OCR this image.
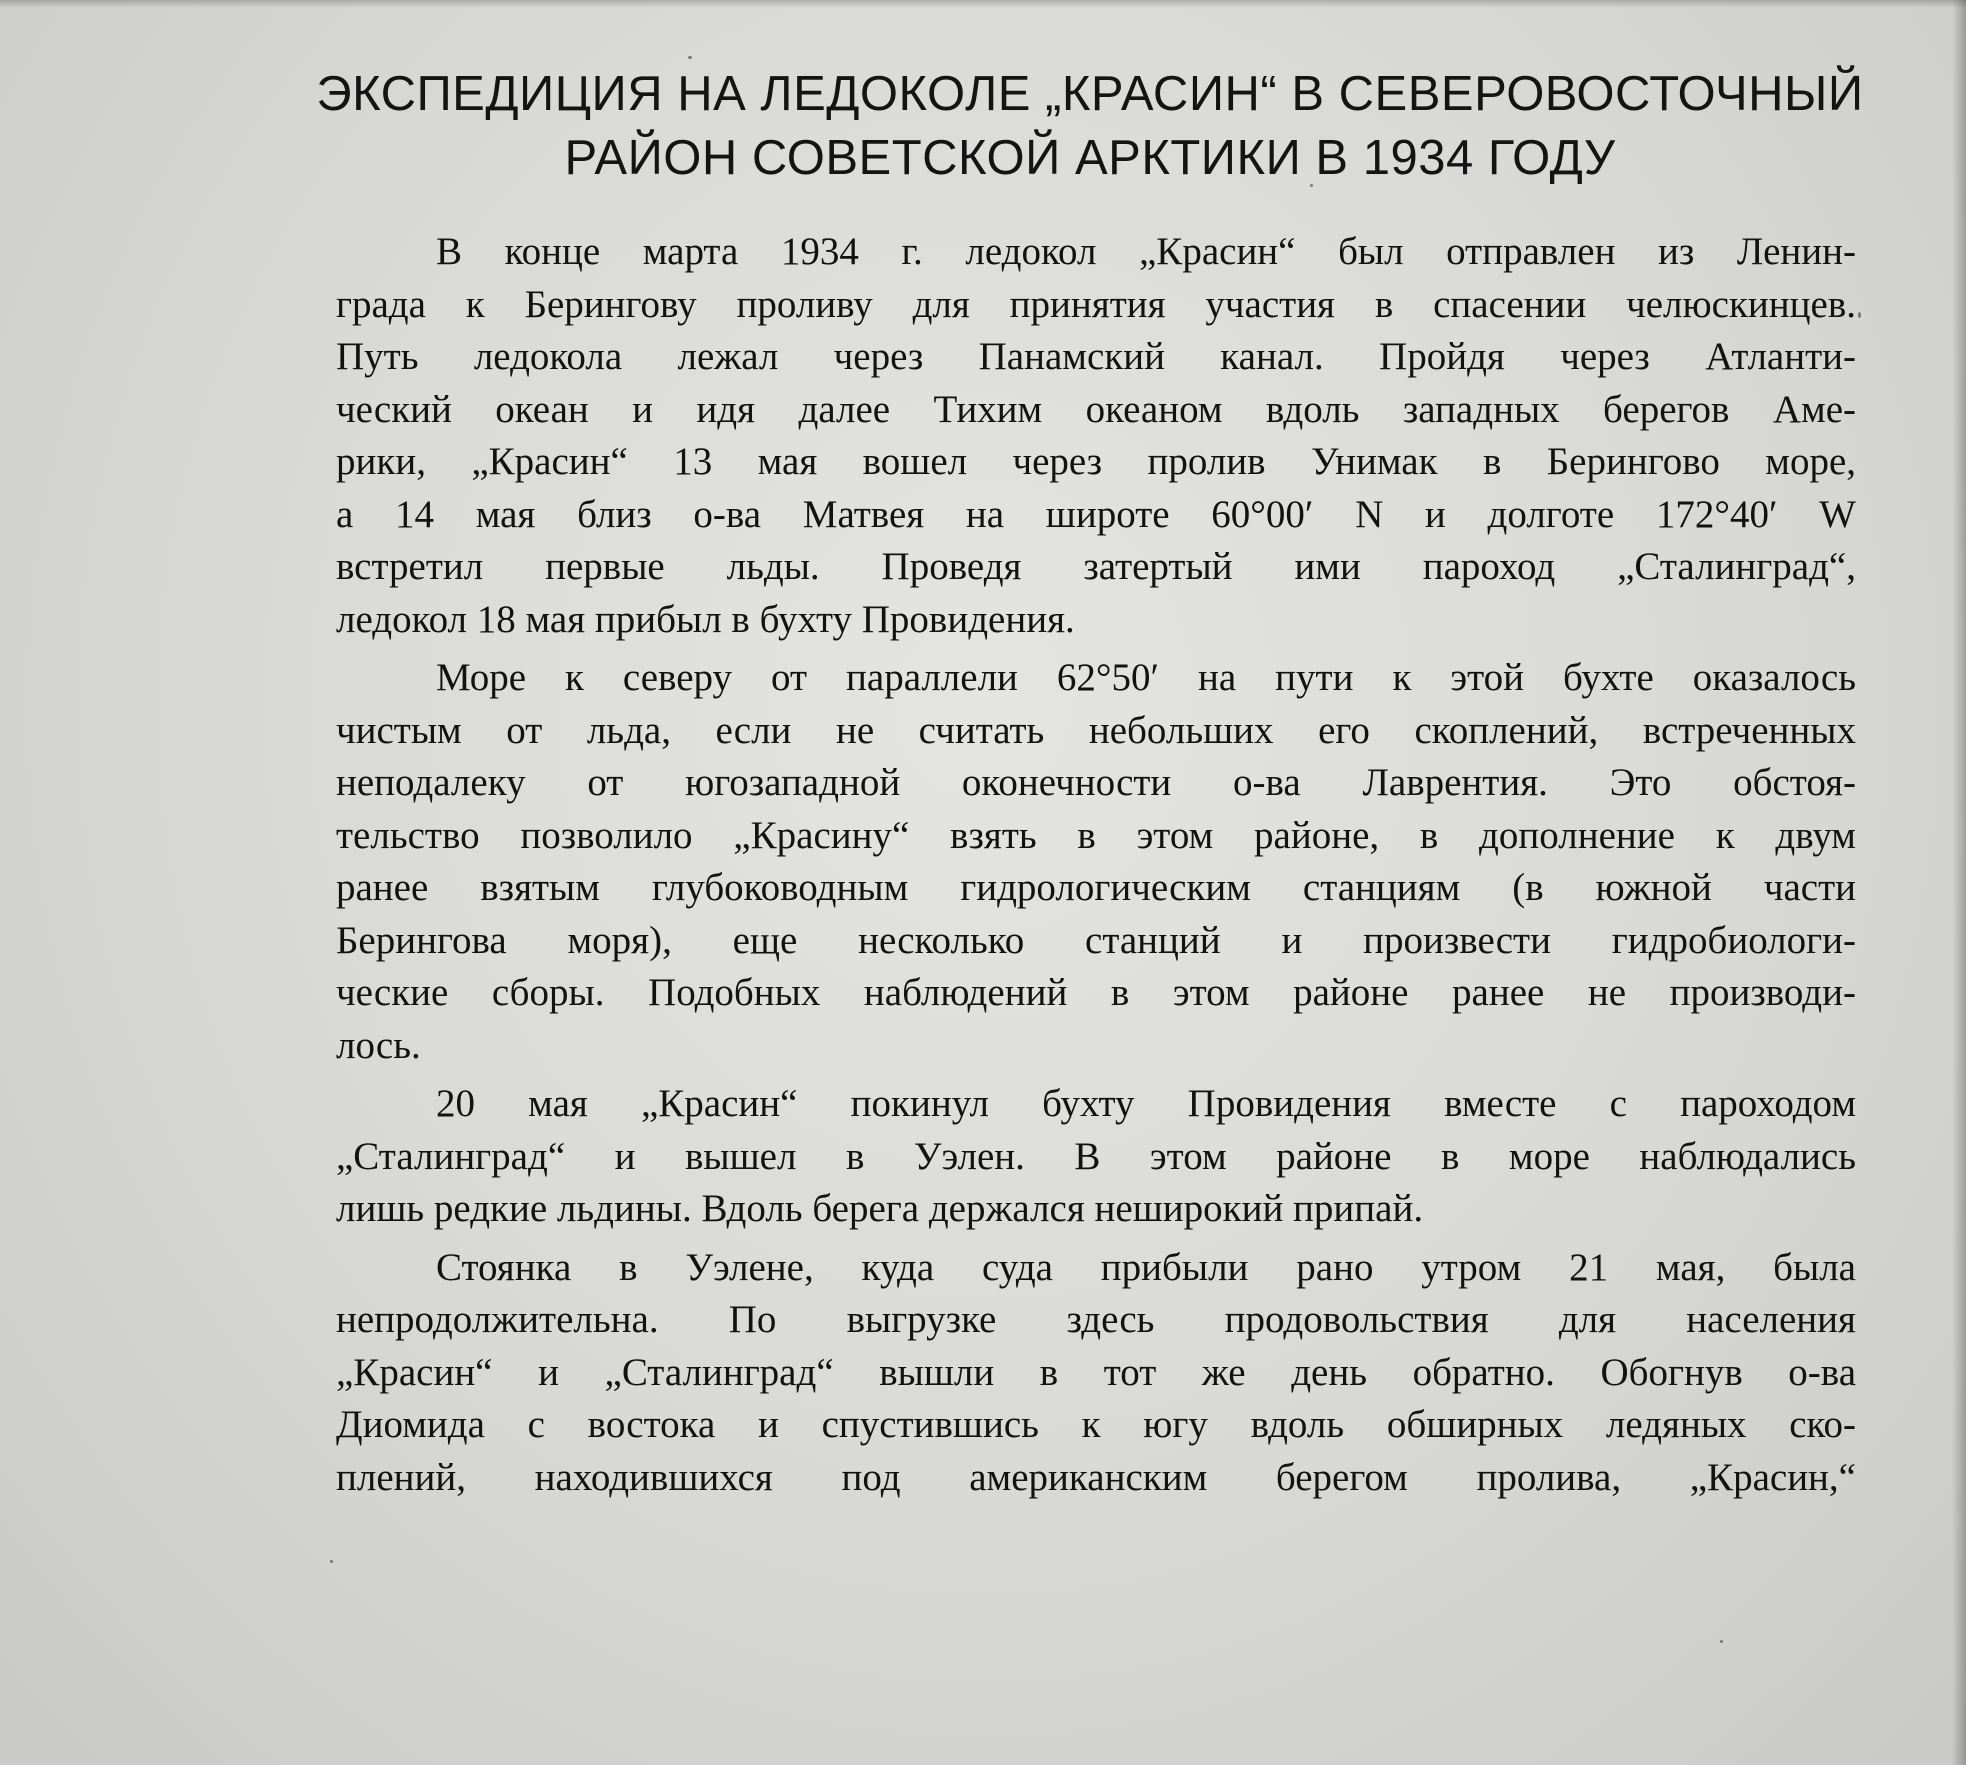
ЭКСПЕДИЦИЯ НА ЛЕДОКОЛЕ „КРАСИН“ В СЕВЕРОВОСТОЧНЫЙ
РАЙОН СОВЕТСКОЙ АРКТИКИ В 1934 ГОДУ
В конце марта 1934 г. ледокол „Красин“ был отправлен из Ленин-
града к Берингову проливу для принятия участия в спасении челюскинцев.
Путь ледокола лежал через Панамский канал. Пройдя через Атланти-
ческий океан и идя далее Тихим океаном вдоль западных берегов Аме-
рики, „Красин“ 13 мая вошел через пролив Унимак в Берингово море,
а 14 мая близ о-ва Матвея на широте 60°00′ N и долготе 172°40′ W
встретил первые льды. Проведя затертый ими пароход „Сталинград“,
ледокол 18 мая прибыл в бухту Провидения.
Море к северу от параллели 62°50′ на пути к этой бухте оказалось
чистым от льда, если не считать небольших его скоплений, встреченных
неподалеку от югозападной оконечности о-ва Лаврентия. Это обстоя-
тельство позволило „Красину“ взять в этом районе, в дополнение к двум
ранее взятым глубоководным гидрологическим станциям (в южной части
Берингова моря), еще несколько станций и произвести гидробиологи-
ческие сборы. Подобных наблюдений в этом районе ранее не производи-
лось.
20 мая „Красин“ покинул бухту Провидения вместе с пароходом
„Сталинград“ и вышел в Уэлен. В этом районе в море наблюдались
лишь редкие льдины. Вдоль берега держался неширокий припай.
Стоянка в Уэлене, куда суда прибыли рано утром 21 мая, была
непродолжительна. По выгрузке здесь продовольствия для населения
„Красин“ и „Сталинград“ вышли в тот же день обратно. Обогнув о-ва
Диомида с востока и спустившись к югу вдоль обширных ледяных ско-
плений, находившихся под американским берегом пролива, „Красин,“
